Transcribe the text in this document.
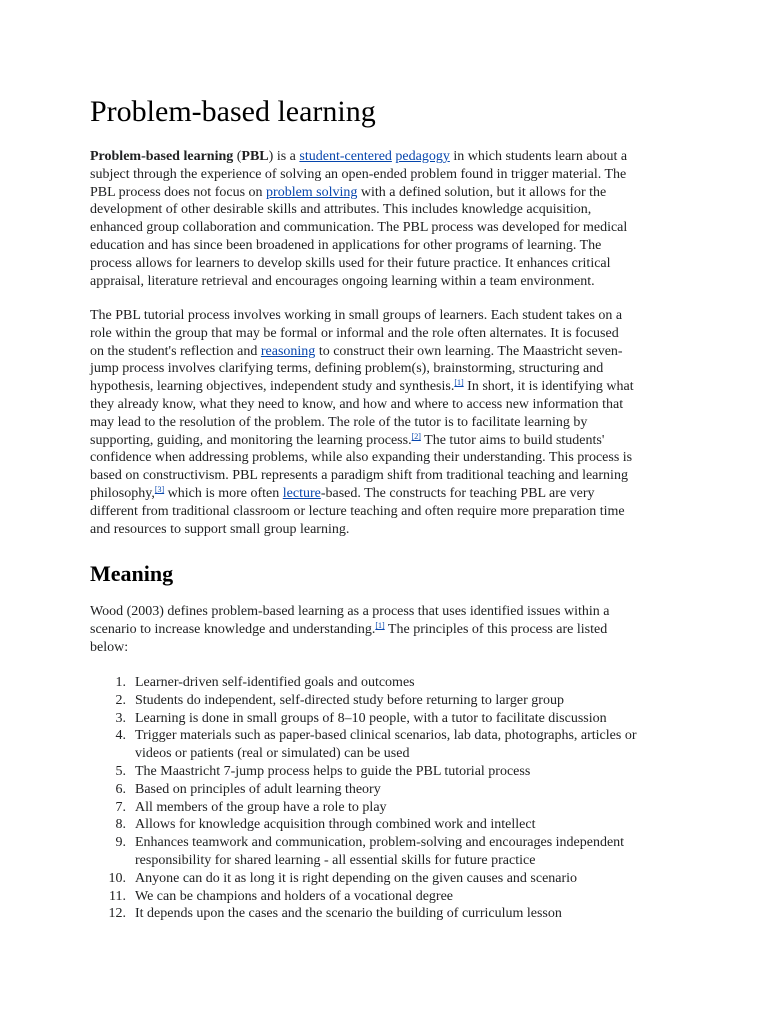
Problem-based learning

Problem-based learning (PBL) is a student-centered pedagogy in which students learn about a
subject through the experience of solving an open-ended problem found in trigger material. The
PBL process does not focus on problem solving with a defined solution, but it allows for the
development of other desirable skills and attributes. This includes knowledge acquisition,
enhanced group collaboration and communication. The PBL process was developed for medical
education and has since been broadened in applications for other programs of learning. The
process allows for learners to develop skills used for their future practice. It enhances critical
appraisal, literature retrieval and encourages ongoing learning within a team environment.

The PBL tutorial process involves working in small groups of learners. Each student takes on a
role within the group that may be formal or informal and the role often alternates. It is focused
on the student's reflection and reasoning to construct their own learning. The Maastricht seven-
jump process involves clarifying terms, defining problem(s), brainstorming, structuring and
hypothesis, learning objectives, independent study and synthesis.[1] In short, it is identifying what
they already know, what they need to know, and how and where to access new information that
may lead to the resolution of the problem. The role of the tutor is to facilitate learning by
supporting, guiding, and monitoring the learning process.[2] The tutor aims to build students'
confidence when addressing problems, while also expanding their understanding. This process is
based on constructivism. PBL represents a paradigm shift from traditional teaching and learning
philosophy,[3] which is more often lecture-based. The constructs for teaching PBL are very
different from traditional classroom or lecture teaching and often require more preparation time
and resources to support small group learning.

Meaning

Wood (2003) defines problem-based learning as a process that uses identified issues within a
scenario to increase knowledge and understanding.[1] The principles of this process are listed
below:

1. Learner-driven self-identified goals and outcomes
2. Students do independent, self-directed study before returning to larger group
3. Learning is done in small groups of 8–10 people, with a tutor to facilitate discussion
4. Trigger materials such as paper-based clinical scenarios, lab data, photographs, articles or
videos or patients (real or simulated) can be used
5. The Maastricht 7-jump process helps to guide the PBL tutorial process
6. Based on principles of adult learning theory
7. All members of the group have a role to play
8. Allows for knowledge acquisition through combined work and intellect
9. Enhances teamwork and communication, problem-solving and encourages independent
responsibility for shared learning - all essential skills for future practice
10. Anyone can do it as long it is right depending on the given causes and scenario
11. We can be champions and holders of a vocational degree
12. It depends upon the cases and the scenario the building of curriculum lesson
